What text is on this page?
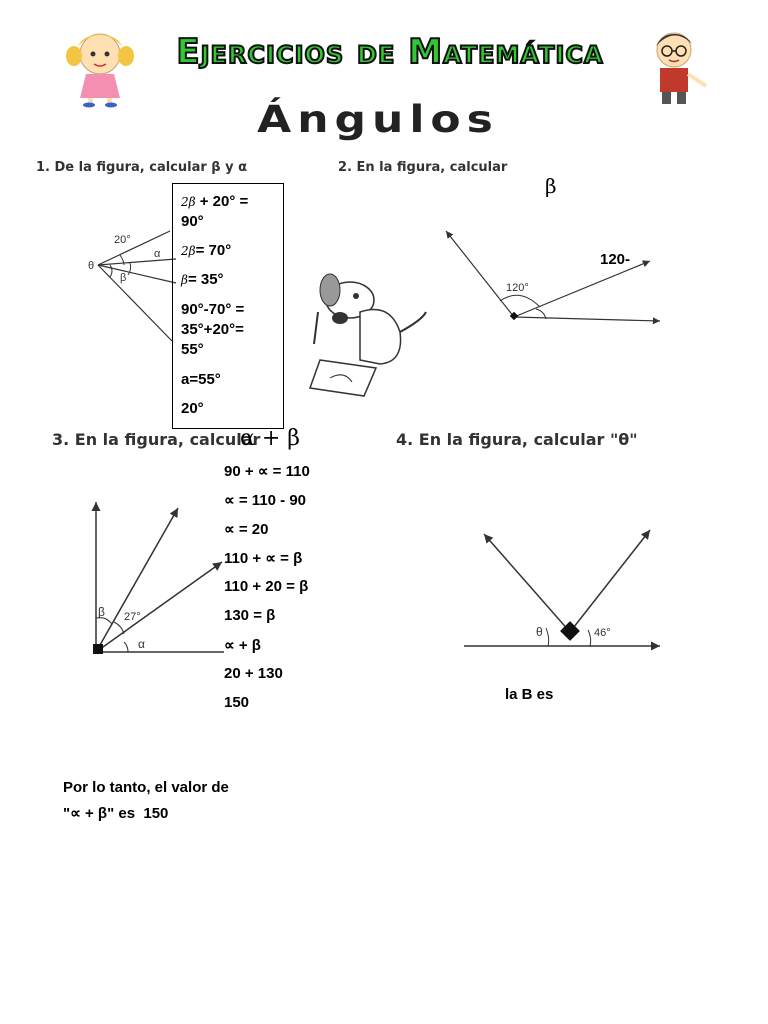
Ejercicios de Matemática
Ángulos
1. De la figura, calcular β y α
20°
θ
β
α
2β + 20° =
90°
2β= 70°
β= 35°
90°-70° =
35°+20°=
55°
a=55°
20°
2. En la figura, calcular
β
120°
120-
3. En la figura, calcular
α + β
β 27°
α
90 + ∝ = 110
∝ = 110 - 90
∝ = 20
110 + ∝ = β
110 + 20 = β
130 = β
∝ + β
20 + 130
150
4. En la figura, calcular "θ"
θ	46°
la B es
Por lo tanto, el valor de
"∝ + β" es  150
